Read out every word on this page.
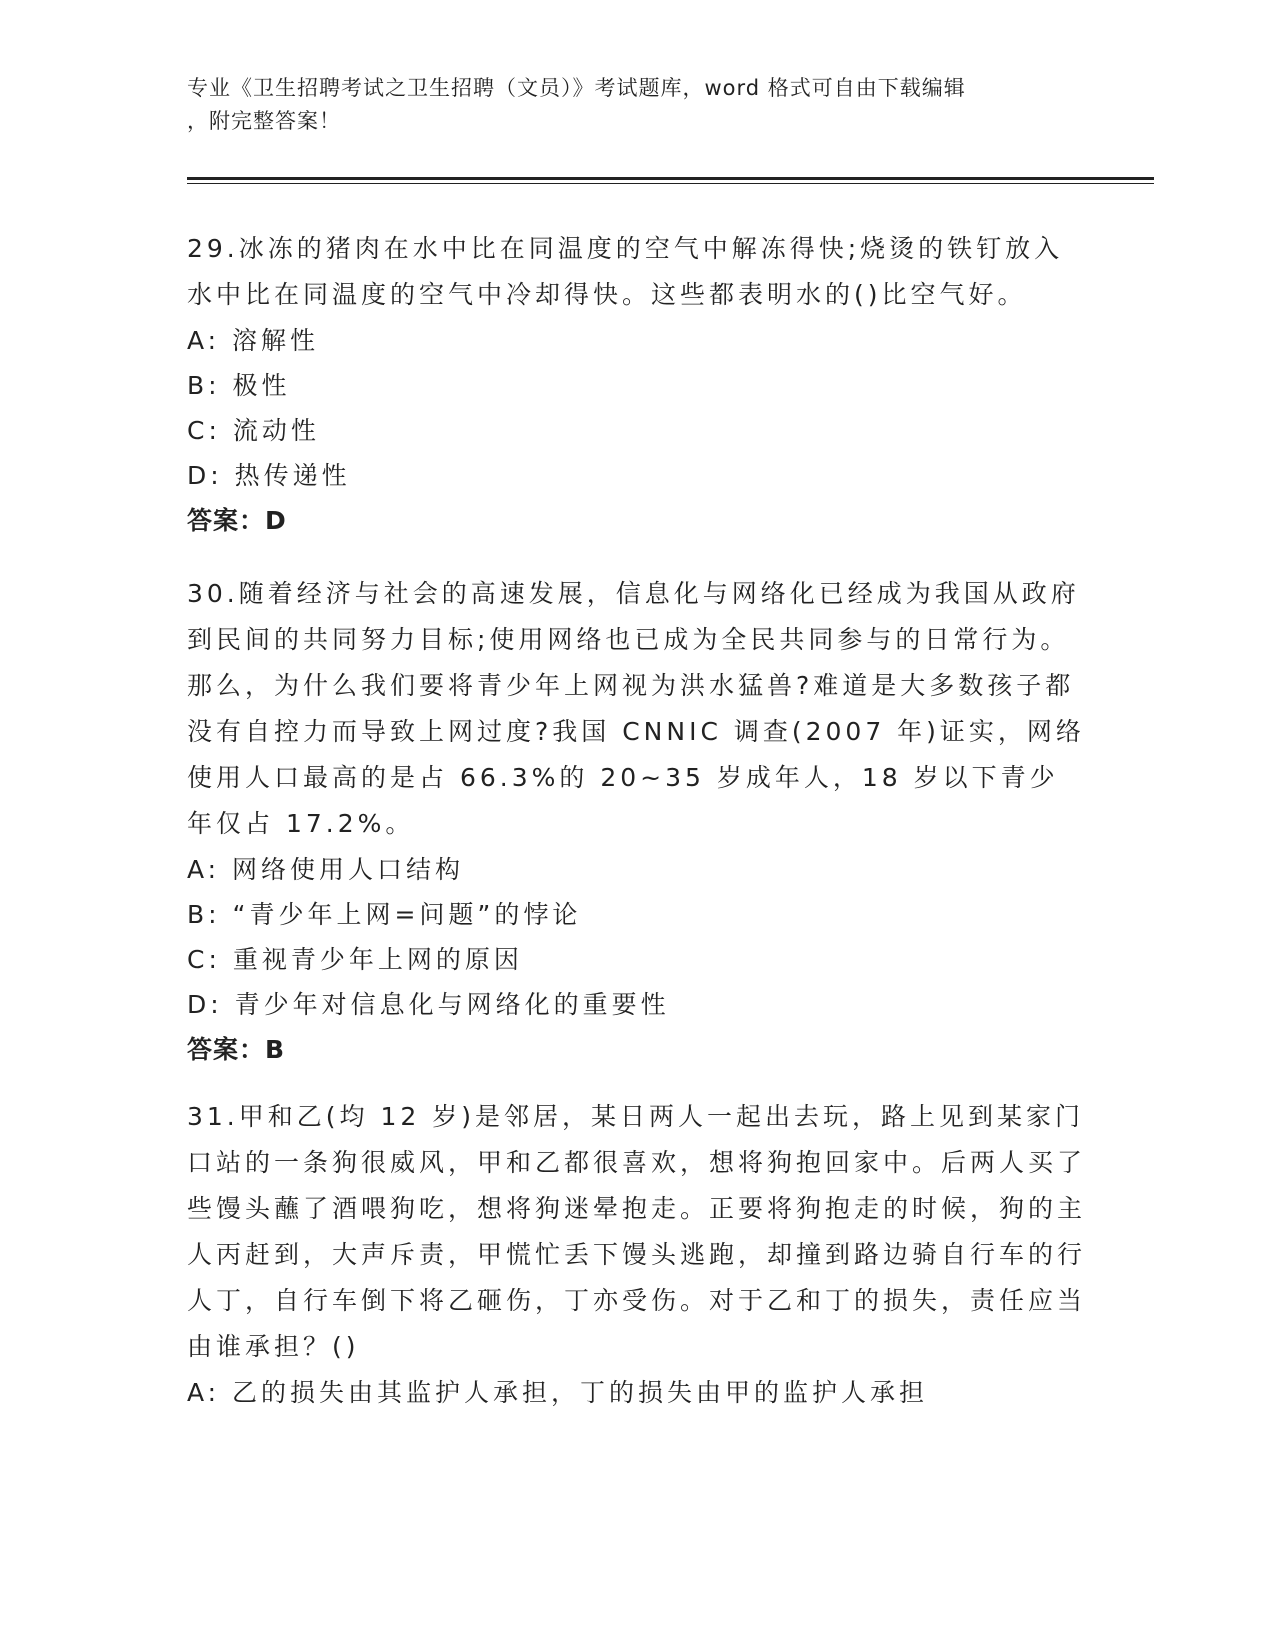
专业《卫生招聘考试之卫生招聘（文员）》考试题库，word 格式可自由下载编辑
，附完整答案！

29.冰冻的猪肉在水中比在同温度的空气中解冻得快;烧烫的铁钉放入水中比在同温度的空气中冷却得快。这些都表明水的()比空气好。

A: 溶解性

B: 极性

C: 流动性

D: 热传递性

答案：D

30.随着经济与社会的高速发展，信息化与网络化已经成为我国从政府到民间的共同努力目标;使用网络也已成为全民共同参与的日常行为。那么，为什么我们要将青少年上网视为洪水猛兽?难道是大多数孩子都没有自控力而导致上网过度?我国 CNNIC 调查(2007 年)证实，网络使用人口最高的是占 66.3%的 20~35 岁成年人，18 岁以下青少年仅占 17.2%。

A: 网络使用人口结构

B: “青少年上网=问题”的悖论

C: 重视青少年上网的原因

D: 青少年对信息化与网络化的重要性

答案：B

31.甲和乙(均 12 岁)是邻居，某日两人一起出去玩，路上见到某家门口站的一条狗很威风，甲和乙都很喜欢，想将狗抱回家中。后两人买了些馒头蘸了酒喂狗吃，想将狗迷晕抱走。正要将狗抱走的时候，狗的主人丙赶到，大声斥责，甲慌忙丢下馒头逃跑，却撞到路边骑自行车的行人丁，自行车倒下将乙砸伤，丁亦受伤。对于乙和丁的损失，责任应当由谁承担？()

A: 乙的损失由其监护人承担，丁的损失由甲的监护人承担
